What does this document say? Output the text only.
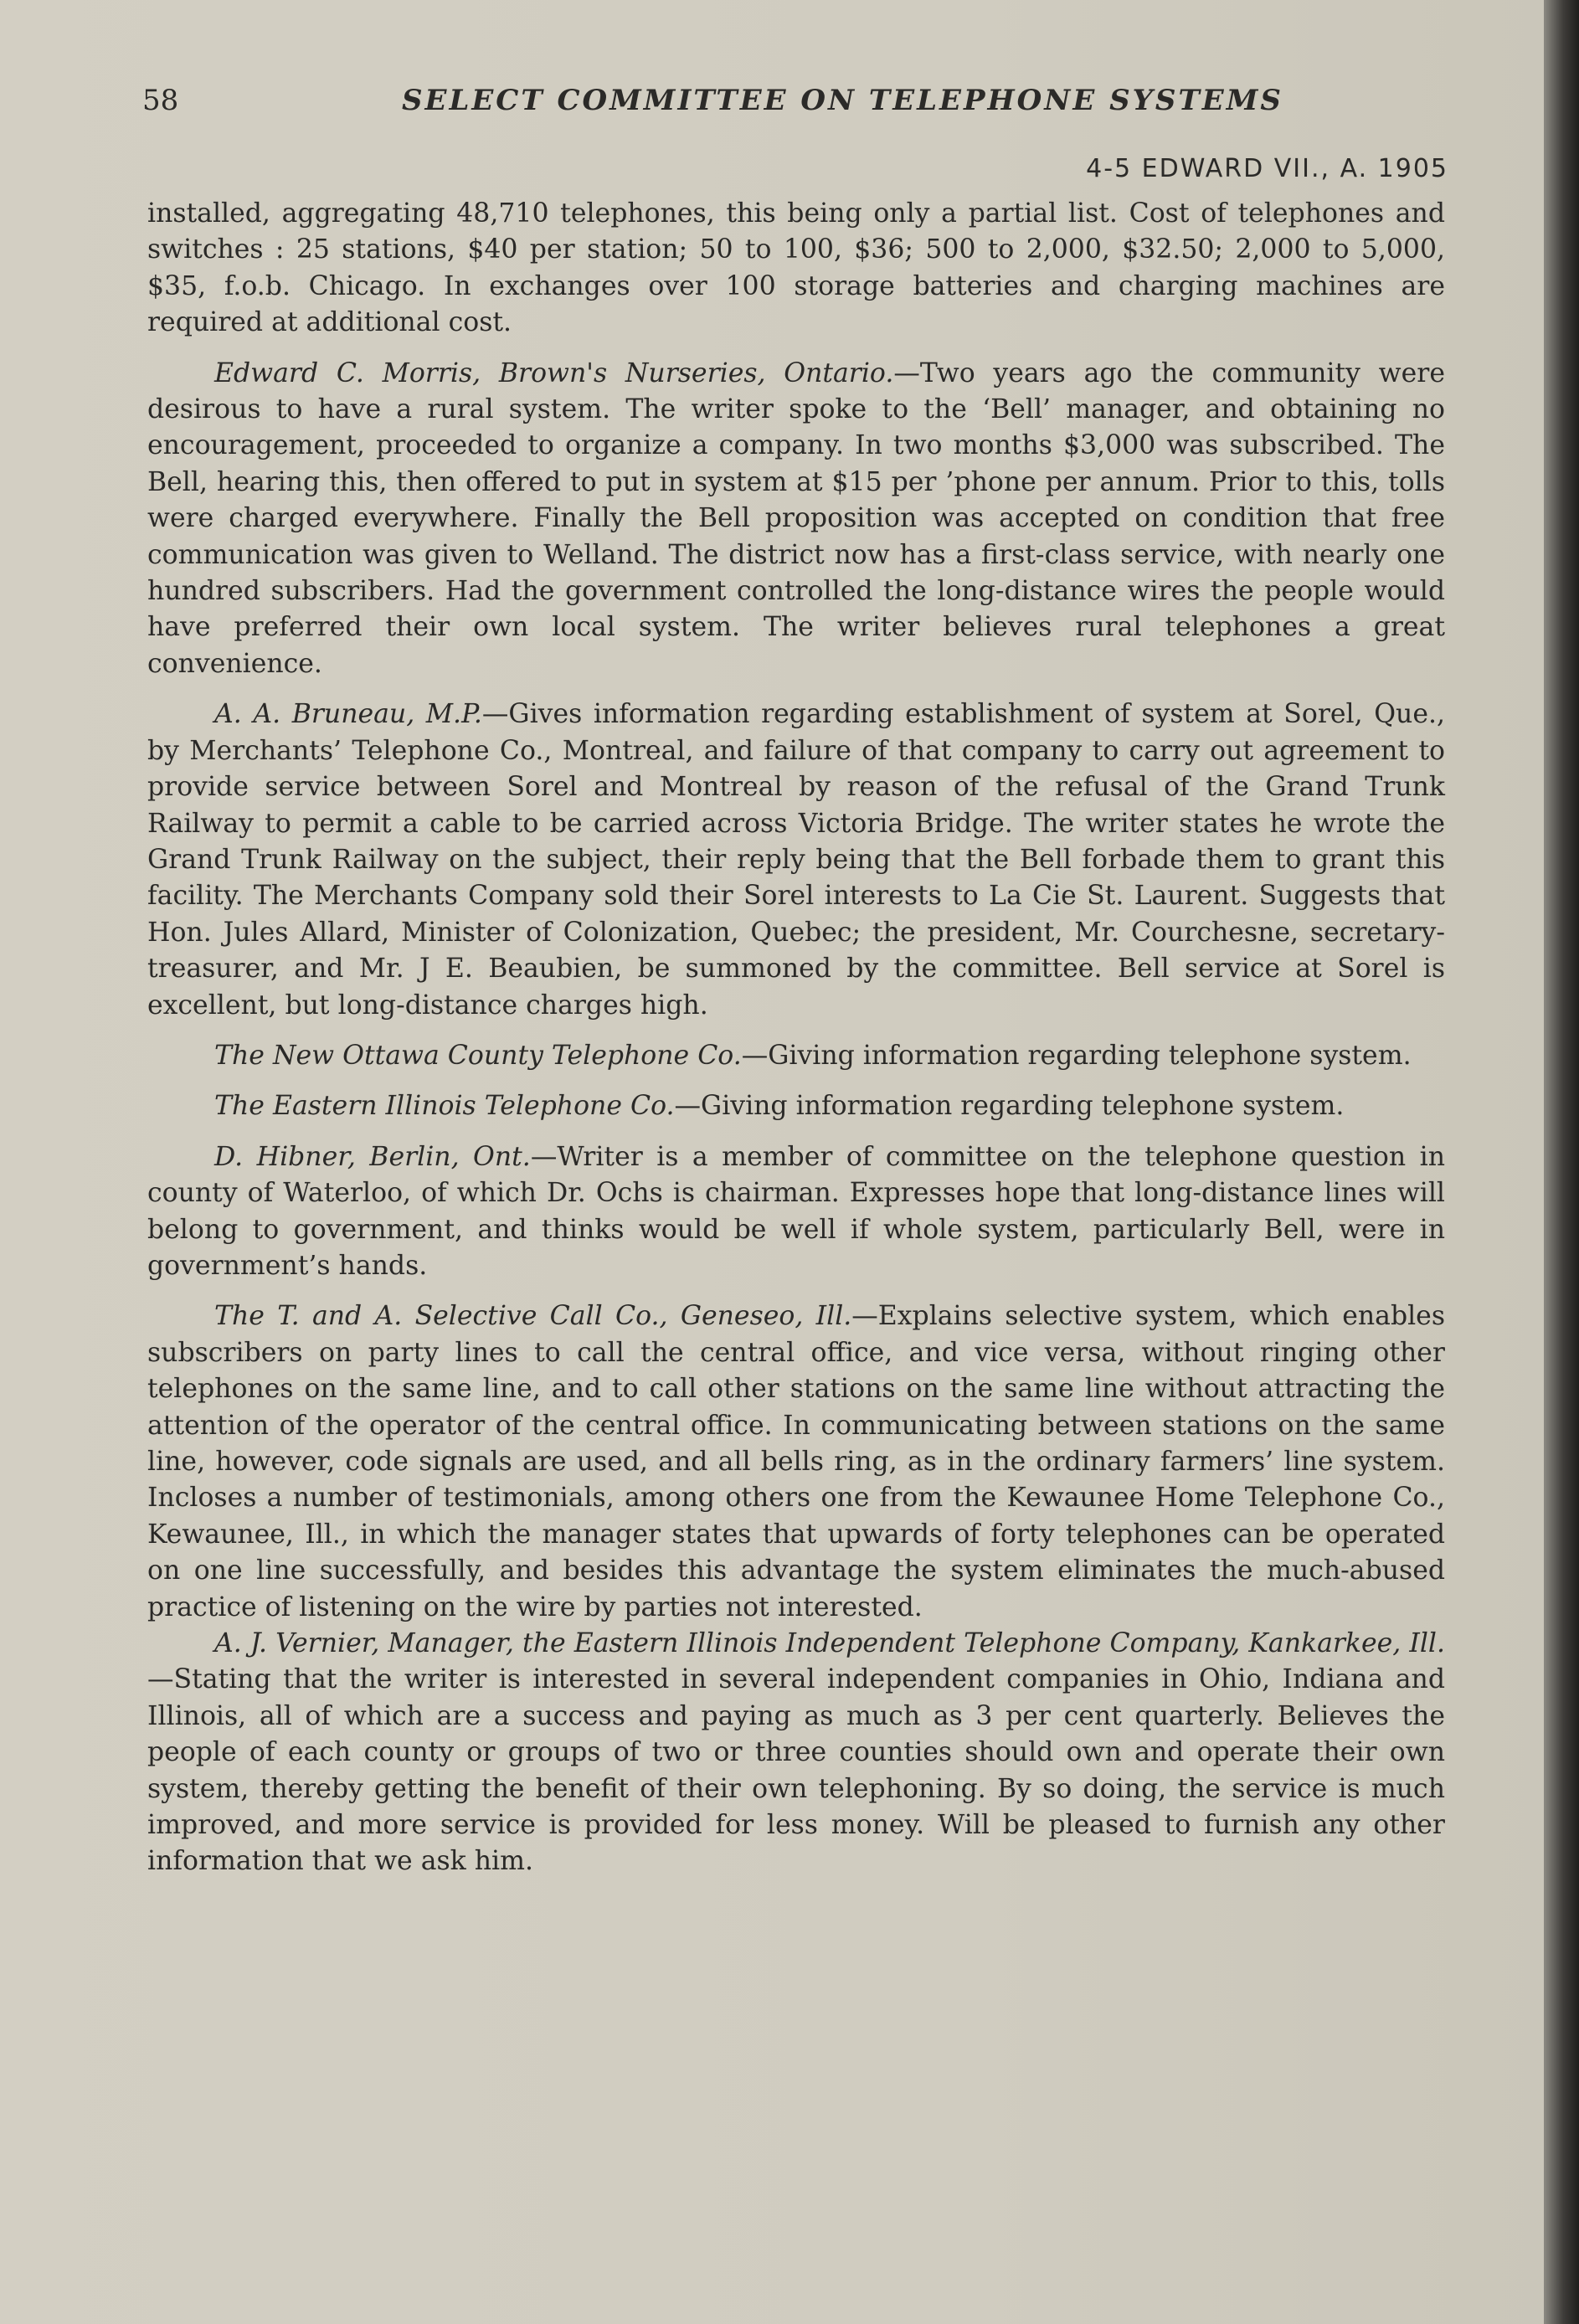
58	SELECT COMMITTEE ON TELEPHONE SYSTEMS
4-5 EDWARD VII., A. 1905

installed, aggregating 48,710 telephones, this being only a partial list. Cost of telephones and switches : 25 stations, $40 per station; 50 to 100, $36; 500 to 2,000, $32.50; 2,000 to 5,000, $35, f.o.b. Chicago. In exchanges over 100 storage batteries and charging machines are required at additional cost.

Edward C. Morris, Brown's Nurseries, Ontario.—Two years ago the community were desirous to have a rural system. The writer spoke to the ‘Bell’ manager, and obtaining no encouragement, proceeded to organize a company. In two months $3,000 was subscribed. The Bell, hearing this, then offered to put in system at $15 per ’phone per annum. Prior to this, tolls were charged everywhere. Finally the Bell proposition was accepted on condition that free communication was given to Welland. The district now has a first-class service, with nearly one hundred subscribers. Had the government controlled the long-distance wires the people would have preferred their own local system. The writer believes rural telephones a great convenience.

A. A. Bruneau, M.P.—Gives information regarding establishment of system at Sorel, Que., by Merchants’ Telephone Co., Montreal, and failure of that company to carry out agreement to provide service between Sorel and Montreal by reason of the refusal of the Grand Trunk Railway to permit a cable to be carried across Victoria Bridge. The writer states he wrote the Grand Trunk Railway on the subject, their reply being that the Bell forbade them to grant this facility. The Merchants Company sold their Sorel interests to La Cie St. Laurent. Suggests that Hon. Jules Allard, Minister of Colonization, Quebec; the president, Mr. Courchesne, secretary-treasurer, and Mr. J E. Beaubien, be summoned by the committee. Bell service at Sorel is excellent, but long-distance charges high.

The New Ottawa County Telephone Co.—Giving information regarding telephone system.

The Eastern Illinois Telephone Co.—Giving information regarding telephone system.

D. Hibner, Berlin, Ont.—Writer is a member of committee on the telephone question in county of Waterloo, of which Dr. Ochs is chairman. Expresses hope that long-distance lines will belong to government, and thinks would be well if whole system, particularly Bell, were in government’s hands.

The T. and A. Selective Call Co., Geneseo, Ill.—Explains selective system, which enables subscribers on party lines to call the central office, and vice versa, without ringing other telephones on the same line, and to call other stations on the same line without attracting the attention of the operator of the central office. In communicating between stations on the same line, however, code signals are used, and all bells ring, as in the ordinary farmers’ line system. Incloses a number of testimonials, among others one from the Kewaunee Home Telephone Co., Kewaunee, Ill., in which the manager states that upwards of forty telephones can be operated on one line successfully, and besides this advantage the system eliminates the much-abused practice of listening on the wire by parties not interested.

A. J. Vernier, Manager, the Eastern Illinois Independent Telephone Company, Kankarkee, Ill.—Stating that the writer is interested in several independent companies in Ohio, Indiana and Illinois, all of which are a success and paying as much as 3 per cent quarterly. Believes the people of each county or groups of two or three counties should own and operate their own system, thereby getting the benefit of their own telephoning. By so doing, the service is much improved, and more service is provided for less money. Will be pleased to furnish any other information that we ask him.
